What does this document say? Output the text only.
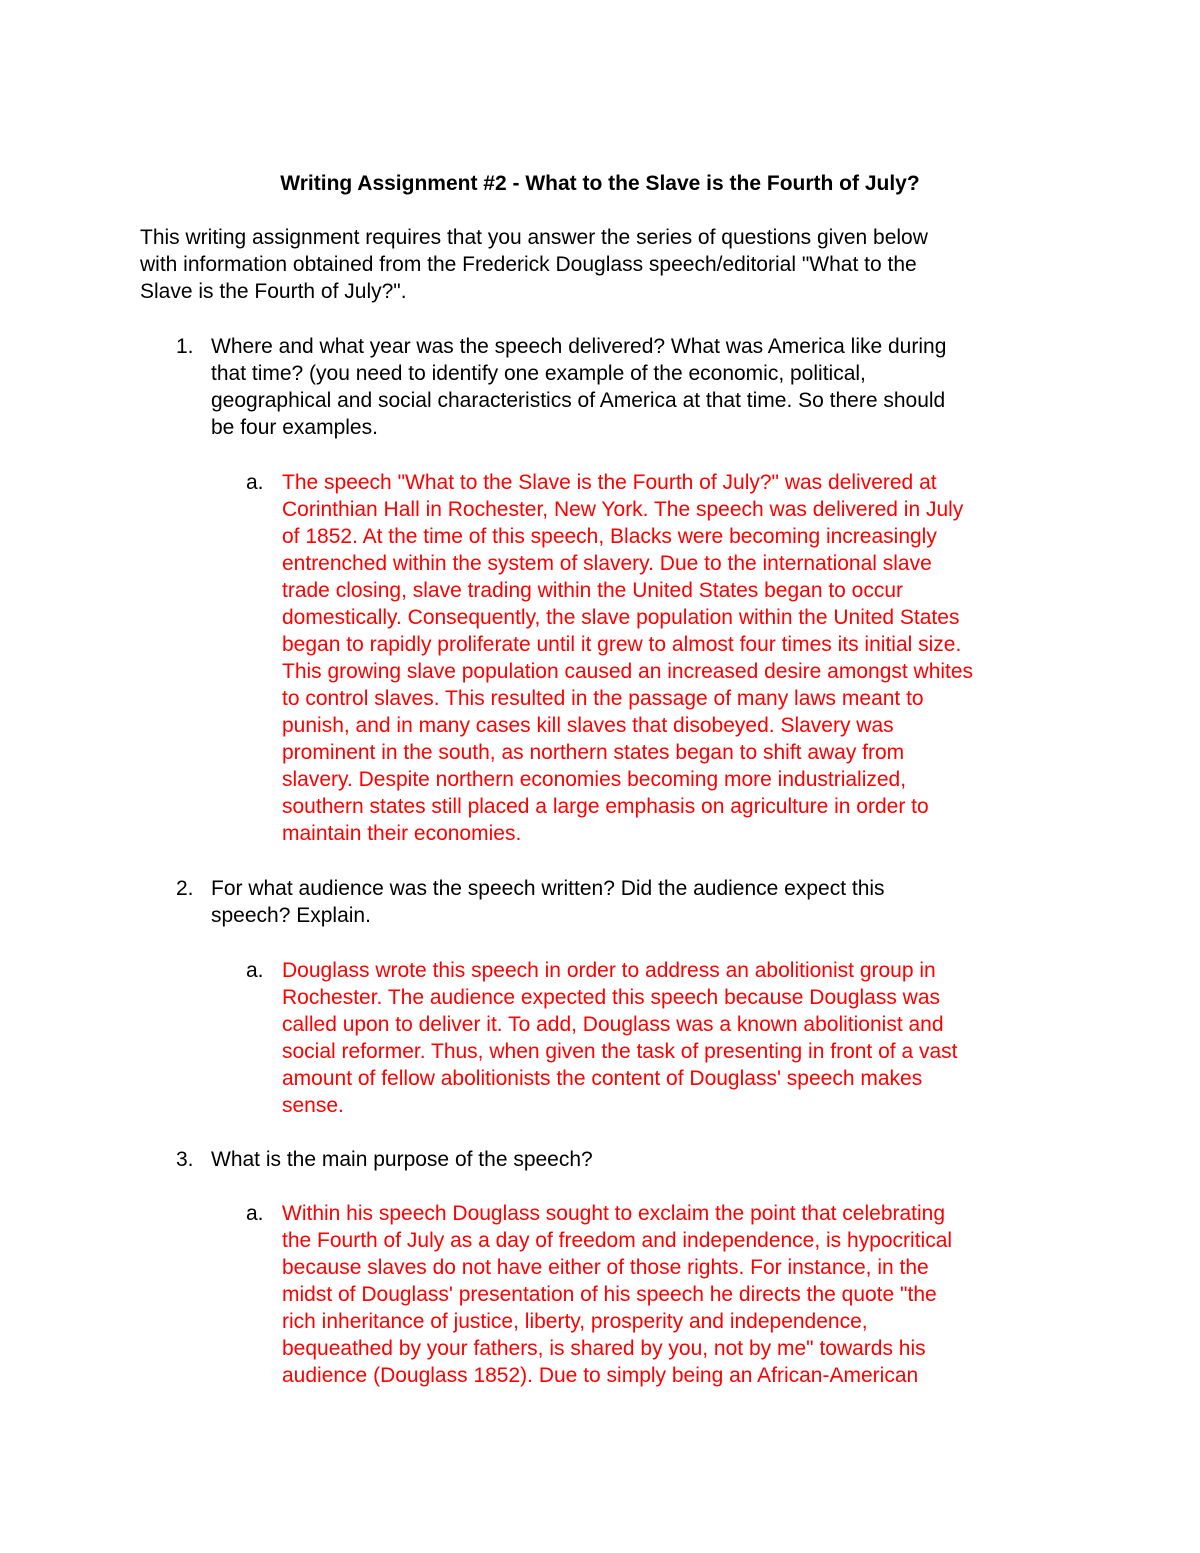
Writing Assignment #2 - What to the Slave is the Fourth of July?
This writing assignment requires that you answer the series of questions given below
with information obtained from the Frederick Douglass speech/editorial "What to the
Slave is the Fourth of July?".
1. Where and what year was the speech delivered? What was America like during
that time? (you need to identify one example of the economic, political,
geographical and social characteristics of America at that time. So there should
be four examples.
a. The speech "What to the Slave is the Fourth of July?" was delivered at
Corinthian Hall in Rochester, New York. The speech was delivered in July
of 1852. At the time of this speech, Blacks were becoming increasingly
entrenched within the system of slavery. Due to the international slave
trade closing, slave trading within the United States began to occur
domestically. Consequently, the slave population within the United States
began to rapidly proliferate until it grew to almost four times its initial size.
This growing slave population caused an increased desire amongst whites
to control slaves. This resulted in the passage of many laws meant to
punish, and in many cases kill slaves that disobeyed. Slavery was
prominent in the south, as northern states began to shift away from
slavery. Despite northern economies becoming more industrialized,
southern states still placed a large emphasis on agriculture in order to
maintain their economies.
2. For what audience was the speech written? Did the audience expect this
speech? Explain.
a. Douglass wrote this speech in order to address an abolitionist group in
Rochester. The audience expected this speech because Douglass was
called upon to deliver it. To add, Douglass was a known abolitionist and
social reformer. Thus, when given the task of presenting in front of a vast
amount of fellow abolitionists the content of Douglass' speech makes
sense.
3. What is the main purpose of the speech?
a. Within his speech Douglass sought to exclaim the point that celebrating
the Fourth of July as a day of freedom and independence, is hypocritical
because slaves do not have either of those rights. For instance, in the
midst of Douglass' presentation of his speech he directs the quote "the
rich inheritance of justice, liberty, prosperity and independence,
bequeathed by your fathers, is shared by you, not by me" towards his
audience (Douglass 1852). Due to simply being an African-American
